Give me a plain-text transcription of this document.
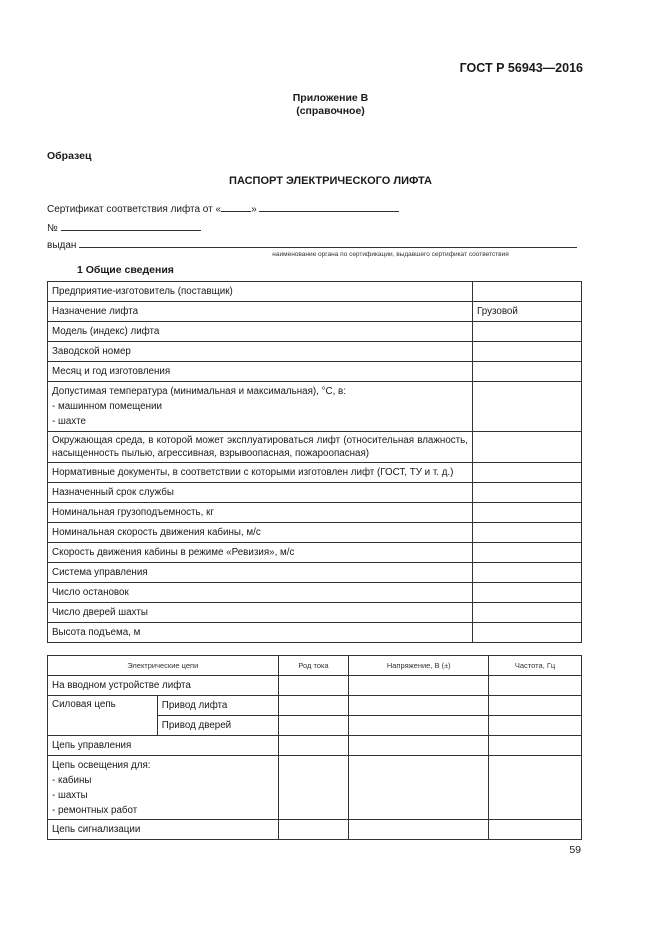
ГОСТ Р 56943—2016
Приложение В
(справочное)
Образец
ПАСПОРТ ЭЛЕКТРИЧЕСКОГО ЛИФТА
Сертификат соответствия лифта от «	»
№
выдан
наименование органа по сертификации, выдавшего сертификат соответствия
1 Общие сведения
Предприятие-изготовитель (поставщик)	
Назначение лифта	Грузовой
Модель (индекс) лифта	
Заводской номер	
Месяц и год изготовления	

Допустимая температура (минимальная и максимальная), °С, в:
- машинном помещении
- шахте	

Окружающая среда, в которой может эксплуатироваться лифт (относительная влажность, насыщенность пылью, агрессивная, взрывоопасная, пожароопасная)	
Нормативные документы, в соответствии с которыми изготовлен лифт (ГОСТ, ТУ и т. д.)	
Назначенный срок службы	
Номинальная грузоподъемность, кг	
Номинальная скорость движения кабины, м/с	
Скорость движения кабины в режиме «Ревизия», м/с	
Система управления	
Число остановок	
Число дверей шахты	
Высота подъема, м	
Электрические цепи		Род тока	Напряжение, В (±)	Частота, Гц
На вводном устройстве лифта				
Силовая цепь	Привод лифта			
	Привод дверей			
Цепь управления				

Цепь освещения для:
- кабины
- шахты
- ремонтных работ				

Цепь сигнализации				
59
